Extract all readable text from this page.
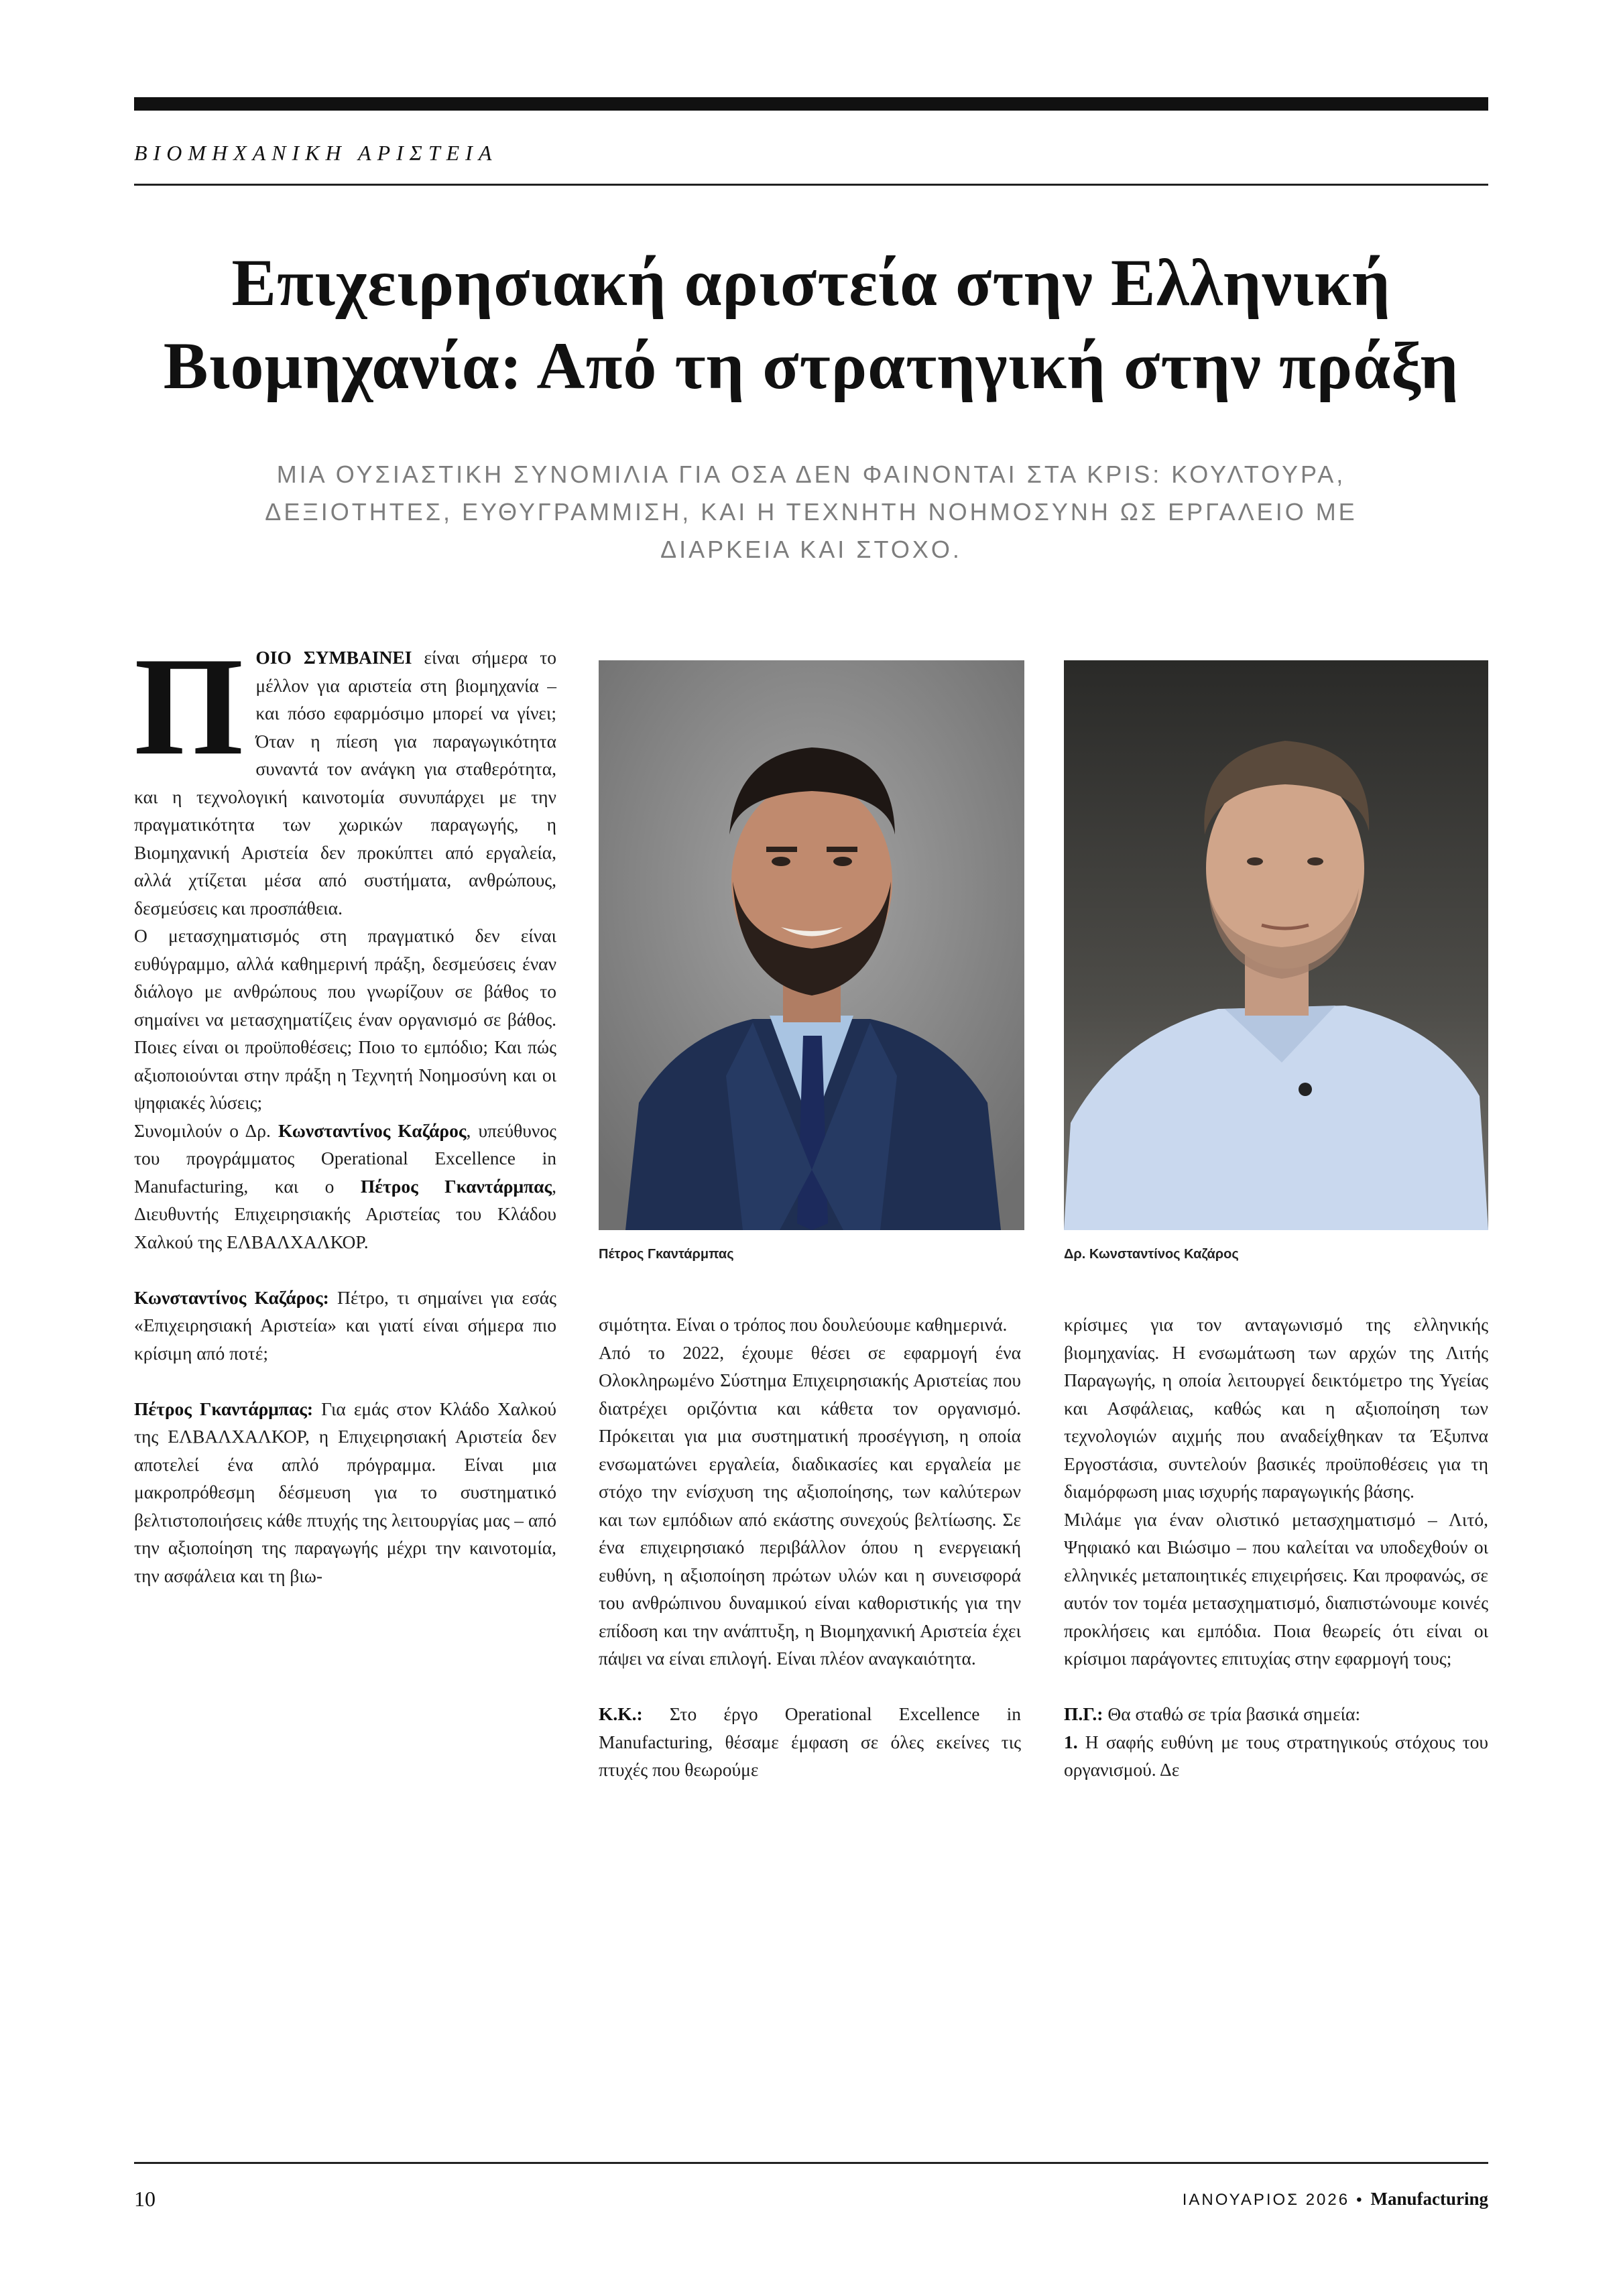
ΒΙΟΜΗΧΑΝΙΚΗ ΑΡΙΣΤΕΙΑ
Επιχειρησιακή αριστεία στην Ελληνική
Βιομηχανία: Από τη στρατηγική στην πράξη

ΜΙΑ ΟΥΣΙΑΣΤΙΚΗ ΣΥΝΟΜΙΛΙΑ ΓΙΑ ΟΣΑ ΔΕΝ ΦΑΙΝΟΝΤΑΙ ΣΤΑ KPIS: ΚΟΥΛΤΟΥΡΑ, ΔΕΞΙΟΤΗΤΕΣ, ΕΥΘΥΓΡΑΜΜΙΣΗ, ΚΑΙ Η ΤΕΧΝΗΤΗ ΝΟΗΜΟΣΥΝΗ ΩΣ ΕΡΓΑΛΕΙΟ ΜΕ ΔΙΑΡΚΕΙΑ ΚΑΙ ΣΤΟΧΟ.

ΠΟΙΟ ΣΥΜΒΑΙΝΕΙ είναι σήμερα το μέλλον για αριστεία στη βιομηχανία – και πόσο εφαρμόσιμο μπορεί να γίνει; Όταν η πίεση για παραγωγικότητα συναντά τον ανάγκη για σταθερότητα, και η τεχνολογική καινοτομία συνυπάρχει με την πραγματικότητα των χωρικών παραγωγής, η Βιομηχανική Αριστεία δεν προκύπτει από εργαλεία, αλλά χτίζεται μέσα από συστήματα, ανθρώπους, δεσμεύσεις και προσπάθεια.

Ο μετασχηματισμός στη πραγματικό δεν είναι ευθύγραμμο, αλλά καθημερινή πράξη, δεσμεύσεις έναν διάλογο με ανθρώπους που γνωρίζουν σε βάθος το σημαίνει να μετασχηματίζεις έναν οργανισμό σε βάθος. Ποιες είναι οι προϋποθέσεις; Ποιο το εμπόδιο; Και πώς αξιοποιούνται στην πράξη η Τεχνητή Νοημοσύνη και οι ψηφιακές λύσεις;

Συνομιλούν ο Δρ. Κωνσταντίνος Καζάρος, υπεύθυνος του προγράμματος Operational Excellence in Manufacturing, και ο Πέτρος Γκαντάρμπας, Διευθυντής Επιχειρησιακής Αριστείας του Κλάδου Χαλκού της ΕΛΒΑΛΧΑΛΚΟΡ.

Κωνσταντίνος Καζάρος: Πέτρο, τι σημαίνει για εσάς «Επιχειρησιακή Αριστεία» και γιατί είναι σήμερα πιο κρίσιμη από ποτέ;

Πέτρος Γκαντάρμπας: Για εμάς στον Κλάδο Χαλκού της ΕΛΒΑΛΧΑΛΚΟΡ, η Επιχειρησιακή Αριστεία δεν αποτελεί ένα απλό πρόγραμμα. Είναι μια μακροπρόθεσμη δέσμευση για το συστηματικό βελτιστοποιήσεις κάθε πτυχής της λειτουργίας μας – από την αξιοποίηση της παραγωγής μέχρι την καινοτομία, την ασφάλεια και τη βιω-

Πέτρος Γκαντάρμπας	Δρ. Κωνσταντίνος Καζάρος

σιμότητα. Είναι ο τρόπος που δουλεύουμε καθημερινά.

Από το 2022, έχουμε θέσει σε εφαρμογή ένα Ολοκληρωμένο Σύστημα Επιχειρησιακής Αριστείας που διατρέχει οριζόντια και κάθετα τον οργανισμό. Πρόκειται για μια συστηματική προσέγγιση, η οποία ενσωματώνει εργαλεία, διαδικασίες και εργαλεία με στόχο την ενίσχυση της αξιοποίησης, των καλύτερων και των εμπόδιων από εκάστης συνεχούς βελτίωσης. Σε ένα επιχειρησιακό περιβάλλον όπου η ενεργειακή ευθύνη, η αξιοποίηση πρώτων υλών και η συνεισφορά του ανθρώπινου δυναμικού είναι καθοριστικής για την επίδοση και την ανάπτυξη, η Βιομηχανική Αριστεία έχει πάψει να είναι επιλογή. Είναι πλέον αναγκαιότητα.

Κ.Κ.: Στο έργο Operational Excellence in Manufacturing, θέσαμε έμφαση σε όλες εκείνες τις πτυχές που θεωρούμε

κρίσιμες για τον ανταγωνισμό της ελληνικής βιομηχανίας. Η ενσωμάτωση των αρχών της Λιτής Παραγωγής, η οποία λειτουργεί δεικτόμετρο της Υγείας και Ασφάλειας, καθώς και η αξιοποίηση των τεχνολογιών αιχμής που αναδείχθηκαν τα Έξυπνα Εργοστάσια, συντελούν βασικές προϋποθέσεις για τη διαμόρφωση μιας ισχυρής παραγωγικής βάσης.

Μιλάμε για έναν ολιστικό μετασχηματισμό – Λιτό, Ψηφιακό και Βιώσιμο – που καλείται να υποδεχθούν οι ελληνικές μεταποιητικές επιχειρήσεις. Και προφανώς, σε αυτόν τον τομέα μετασχηματισμό, διαπιστώνουμε κοινές προκλήσεις και εμπόδια. Ποια θεωρείς ότι είναι οι κρίσιμοι παράγοντες επιτυχίας στην εφαρμογή τους;

Π.Γ.: Θα σταθώ σε τρία βασικά σημεία:

1. Η σαφής ευθύνη με τους στρατηγικούς στόχους του οργανισμού. Δε

10	ΙΑΝΟΥΑΡΙΟΣ 2026 • Manufacturing
